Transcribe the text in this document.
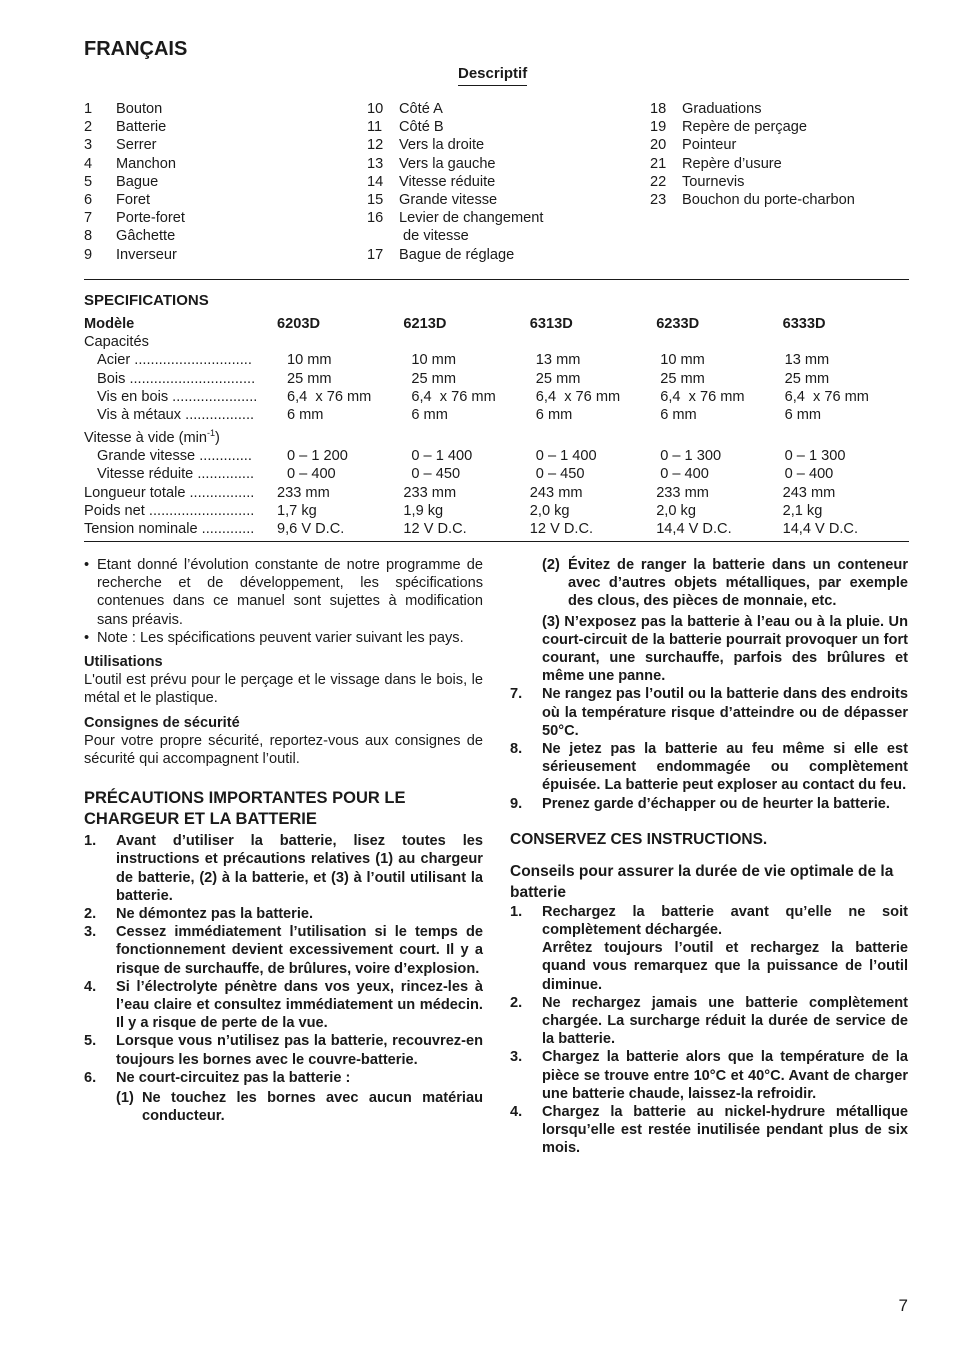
FRANÇAIS
Descriptif
1	Bouton
2	Batterie
3	Serrer
4	Manchon
5	Bague
6	Foret
7	Porte-foret
8	Gâchette
9	Inverseur
10	Côté A
11	Côté B
12	Vers la droite
13	Vers la gauche
14	Vitesse réduite
15	Grande vitesse
16	Levier de changement
de vitesse
17	Bague de réglage
18	Graduations
19	Repère de perçage
20	Pointeur
21	Repère d’usure
22	Tournevis
23	Bouchon du porte-charbon
SPECIFICATIONS
Modèle	6203D	6213D	6313D	6233D	6333D
Capacités
Acier .............................	10 mm	10 mm	13 mm	10 mm	13 mm
Bois ...............................	25 mm	25 mm	25 mm	25 mm	25 mm
Vis en bois .....................	6,4  x 76 mm	6,4  x 76 mm	6,4  x 76 mm	6,4  x 76 mm	6,4  x 76 mm
Vis à métaux .................	6 mm	6 mm	6 mm	6 mm	6 mm
Vitesse à vide $(\min^{-1})$
Grande vitesse .............	0 – 1 200	0 – 1 400	0 – 1 400	0 – 1 300	0 – 1 300
Vitesse réduite ..............	0 – 400	0 – 450	0 – 450	0 – 400	0 – 400
Longueur totale ................	233 mm	233 mm	243 mm	233 mm	243 mm
Poids net ..........................	1,7 kg	1,9 kg	2,0 kg	2,0 kg	2,1 kg
Tension nominale .............	9,6 V D.C.	12 V D.C.	12 V D.C.	14,4 V D.C.	14,4 V D.C.
• Etant donné l’évolution constante de notre programme de recherche et de développement, les spécifications contenues dans ce manuel sont sujettes à modification sans préavis.
• Note : Les spécifications peuvent varier suivant les pays.
Utilisations
L'outil est prévu pour le perçage et le vissage dans le bois, le métal et le plastique.
Consignes de sécurité
Pour votre propre sécurité, reportez-vous aux consignes de sécurité qui accompagnent l’outil.
PRÉCAUTIONS IMPORTANTES POUR LE
CHARGEUR ET LA BATTERIE
1.	Avant d’utiliser la batterie, lisez toutes les instructions et précautions relatives (1) au chargeur de batterie, (2) à la batterie, et (3) à l’outil utilisant la batterie.
2.	Ne démontez pas la batterie.
3.	Cessez immédiatement l’utilisation si le temps de fonctionnement devient excessivement court. Il y a risque de surchauffe, de brûlures, voire d’explosion.
4.	Si l’électrolyte pénètre dans vos yeux, rincez-les à l’eau claire et consultez immédiatement un médecin. Il y a risque de perte de la vue.
5.	Lorsque vous n’utilisez pas la batterie, recouvrez-en toujours les bornes avec le couvre-batterie.
6.	Ne court-circuitez pas la batterie :
(1) Ne touchez les bornes avec aucun matériau conducteur.
(2) Évitez de ranger la batterie dans un conteneur avec d’autres objets métalliques, par exemple des clous, des pièces de monnaie, etc.
(3) N’exposez pas la batterie à l’eau ou à la pluie. Un court-circuit de la batterie pourrait provoquer un fort courant, une surchauffe, parfois des brûlures et même une panne.
7.	Ne rangez pas l’outil ou la batterie dans des endroits où la température risque d’atteindre ou de dépasser 50°C.
8.	Ne jetez pas la batterie au feu même si elle est sérieusement endommagée ou complètement épuisée. La batterie peut exploser au contact du feu.
9.	Prenez garde d’échapper ou de heurter la batterie.
CONSERVEZ CES INSTRUCTIONS.
Conseils pour assurer la durée de vie optimale de la batterie
1.	Rechargez la batterie avant qu’elle ne soit complètement déchargée.
Arrêtez toujours l’outil et rechargez la batterie quand vous remarquez que la puissance de l’outil diminue.
2.	Ne rechargez jamais une batterie complètement chargée. La surcharge réduit la durée de service de la batterie.
3.	Chargez la batterie alors que la température de la pièce se trouve entre 10°C et 40°C. Avant de charger une batterie chaude, laissez-la refroidir.
4.	Chargez la batterie au nickel-hydrure métallique lorsqu’elle est restée inutilisée pendant plus de six mois.
7
